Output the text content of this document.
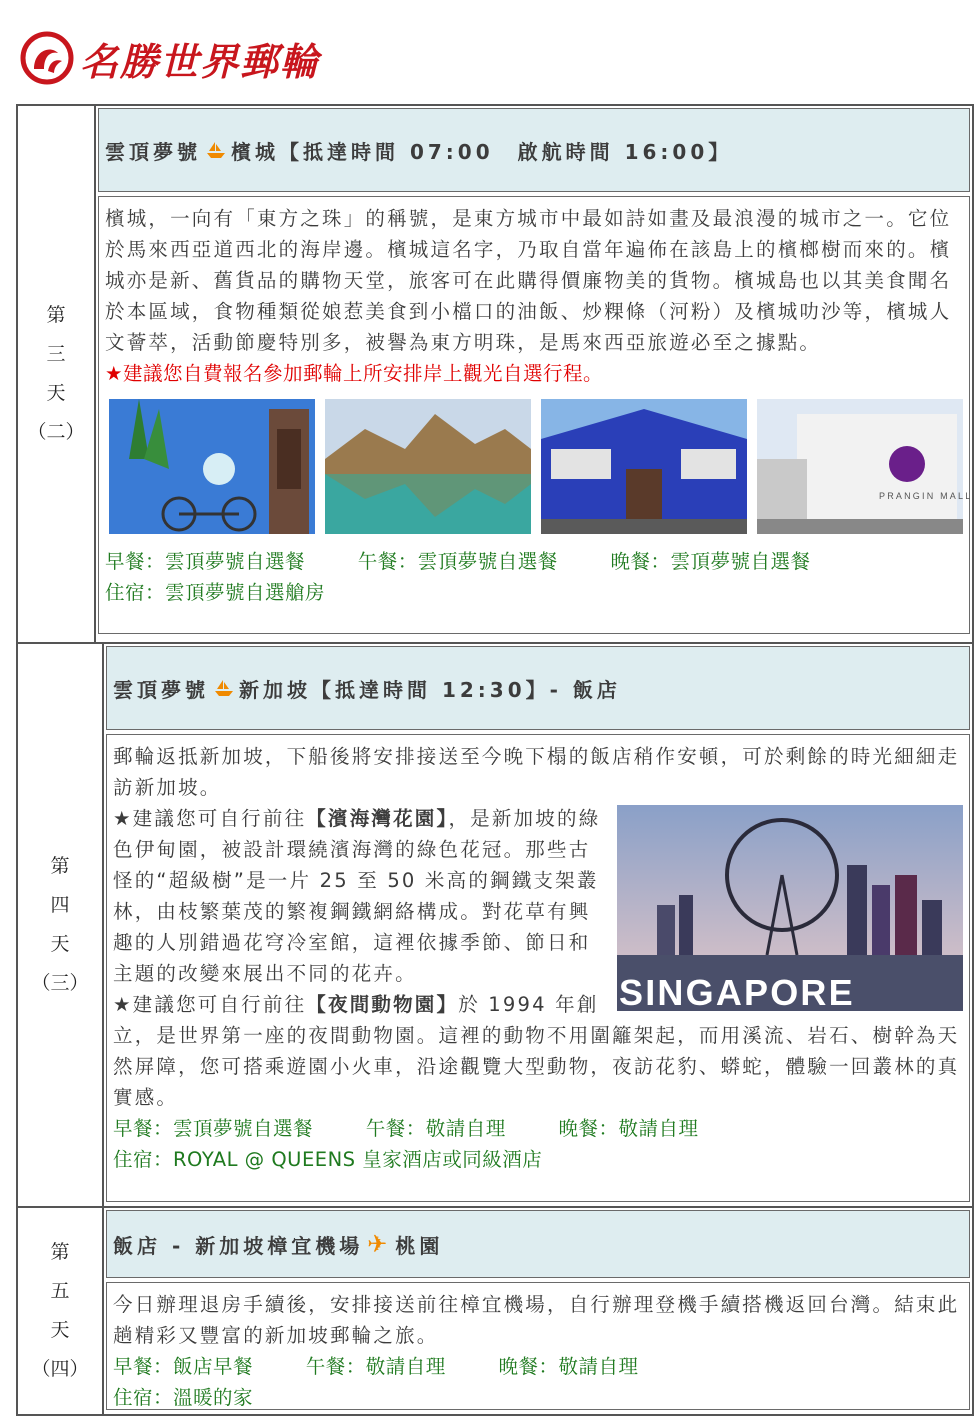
名勝世界郵輪
第
三
天
（二）
雲頂夢號 檳城【抵達時間 07:00　啟航時間 16:00】
檳城，一向有「東方之珠」的稱號，是東方城市中最如詩如畫及最浪漫的城市之一。它位於馬來西亞道西北的海岸邊。檳城這名字，乃取自當年遍佈在該島上的檳榔樹而來的。檳城亦是新、舊貨品的購物天堂，旅客可在此購得價廉物美的貨物。檳城島也以其美食聞名於本區域，食物種類從娘惹美食到小檔口的油飯、炒粿條（河粉）及檳城叻沙等，檳城人文薈萃，活動節慶特別多，被譽為東方明珠，是馬來西亞旅遊必至之據點。
★建議您自費報名參加郵輪上所安排岸上觀光自選行程。
PRANGIN MALL
早餐：雲頂夢號自選餐	午餐：雲頂夢號自選餐	晚餐：雲頂夢號自選餐
住宿：雲頂夢號自選艙房
第
四
天
（三）
雲頂夢號 新加坡【抵達時間 12:30】- 飯店
郵輪返抵新加坡，下船後將安排接送至今晚下榻的飯店稍作安頓，可於剩餘的時光細細走訪新加坡。
SINGAPORE
★建議您可自行前往【濱海灣花園】，是新加坡的綠色伊甸園，被設計環繞濱海灣的綠色花冠。那些古怪的“超級樹”是一片 25 至 50 米高的鋼鐵支架叢林，由枝繁葉茂的繁複鋼鐵網絡構成。對花草有興趣的人別錯過花穹冷室館，這裡依據季節、節日和主題的改變來展出不同的花卉。
★建議您可自行前往【夜間動物園】於 1994 年創立，是世界第一座的夜間動物園。這裡的動物不用圍籬架起，而用溪流、岩石、樹幹為天然屏障，您可搭乘遊園小火車，沿途觀覽大型動物，夜訪花豹、蟒蛇，體驗一回叢林的真實感。
早餐：雲頂夢號自選餐	午餐：敬請自理	晚餐：敬請自理
住宿：ROYAL @ QUEENS 皇家酒店或同級酒店
第
五
天
（四）
飯店 - 新加坡樟宜機場 ✈ 桃園
今日辦理退房手續後，安排接送前往樟宜機場，自行辦理登機手續搭機返回台灣。結束此趟精彩又豐富的新加坡郵輪之旅。
早餐：飯店早餐	午餐：敬請自理	晚餐：敬請自理
住宿：溫暖的家
